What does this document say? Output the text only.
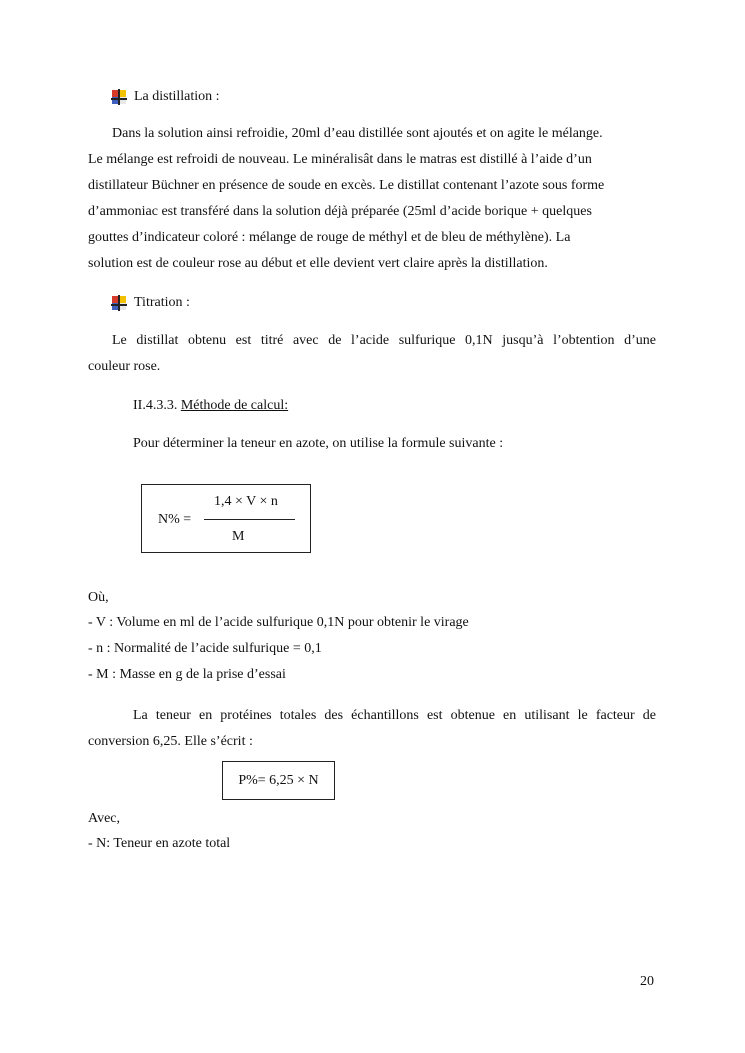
La distillation :
Dans la solution ainsi refroidie, 20ml d’eau distillée sont ajoutés et on agite le mélange.
Le mélange est refroidi de nouveau. Le minéralisât dans le matras est distillé à l’aide d’un
distillateur Büchner en présence de soude en excès. Le distillat contenant l’azote sous forme
d’ammoniac est transféré dans la solution déjà préparée (25ml d’acide borique + quelques
gouttes d’indicateur coloré : mélange de rouge de méthyl et de bleu de méthylène). La
solution est de couleur rose au début et elle devient vert claire après la distillation.
Titration :
Le distillat obtenu est titré avec de l’acide sulfurique 0,1N jusqu’à l’obtention d’une
couleur rose.
II.4.3.3. Méthode de calcul:
Pour déterminer la teneur en azote, on utilise la formule suivante :
N% =
1,4 × V × n
M
Où,
- V : Volume en ml de l’acide sulfurique 0,1N pour obtenir le virage
- n : Normalité de l’acide sulfurique = 0,1
- M : Masse en g de la prise d’essai
La teneur en protéines totales des échantillons est obtenue en utilisant le facteur de
conversion 6,25. Elle s’écrit :
P%= 6,25 × N
Avec,
- N: Teneur en azote total
20
